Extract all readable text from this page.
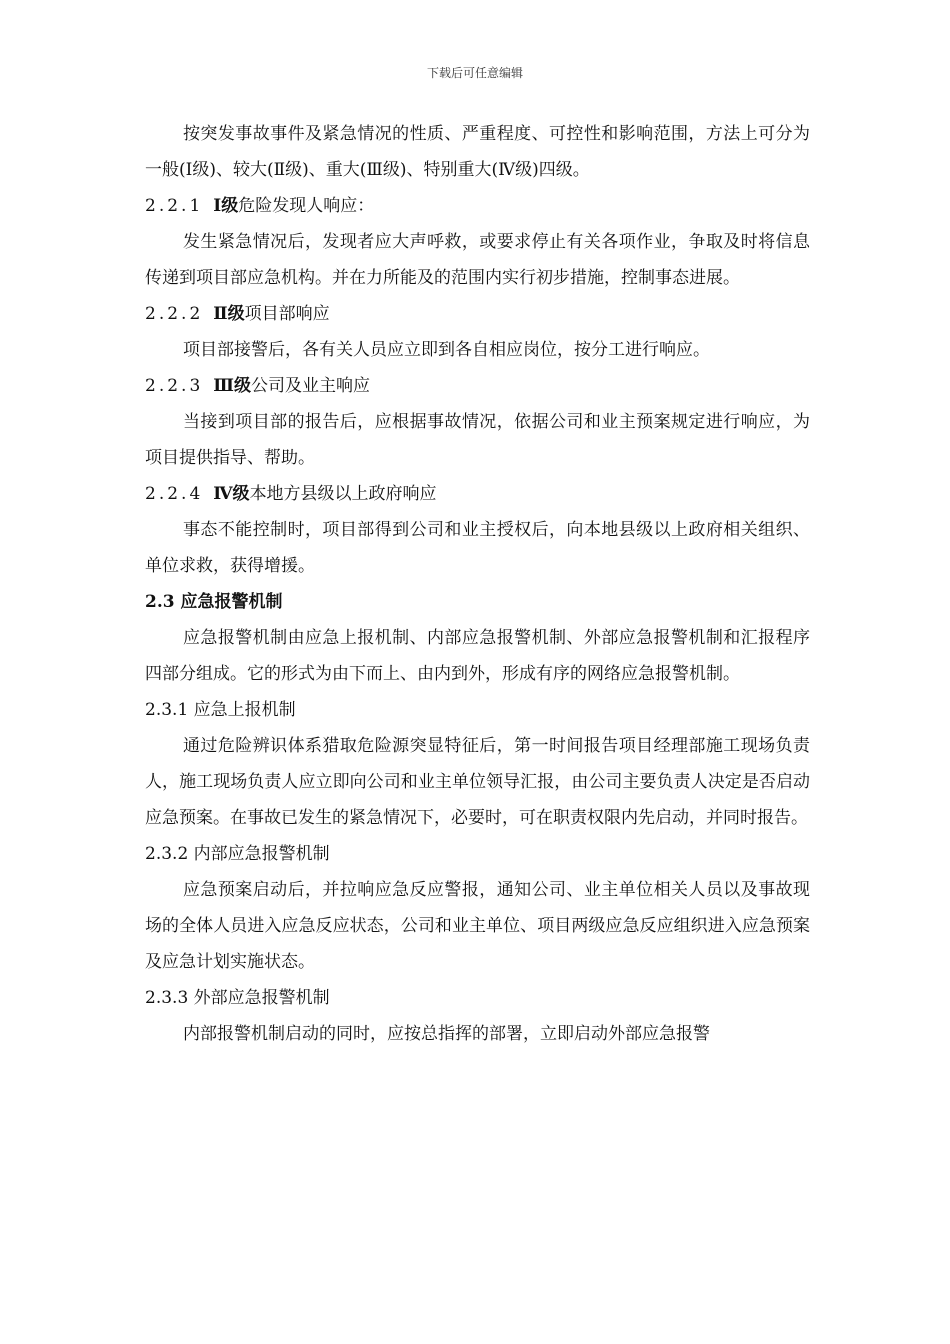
下载后可任意编辑

按突发事故事件及紧急情况的性质、严重程度、可控性和影响范围，方法上可分为 一般(Ⅰ级)、较大(Ⅱ级)、重大(Ⅲ级)、特别重大(Ⅳ级)四级。

2.2.1 Ⅰ级危险发现人响应：

发生紧急情况后，发现者应大声呼救，或要求停止有关各项作业，争取及时将信息传递到项目部应急机构。并在力所能及的范围内实行初步措施，控制事态进展。

2.2.2 Ⅱ级项目部响应

项目部接警后，各有关人员应立即到各自相应岗位，按分工进行响应。

2.2.3 Ⅲ级公司及业主响应

当接到项目部的报告后，应根据事故情况，依据公司和业主预案规定进行响应，为项目提供指导、帮助。

2.2.4 Ⅳ级本地方县级以上政府响应

事态不能控制时，项目部得到公司和业主授权后，向本地县级以上政府相关组织、单位求救，获得增援。

2.3 应急报警机制

应急报警机制由应急上报机制、内部应急报警机制、外部应急报警机制和汇报程序四部分组成。它的形式为由下而上、由内到外，形成有序的网络应急报警机制。

2.3.1 应急上报机制

通过危险辨识体系猎取危险源突显特征后，第一时间报告项目经理部施工现场负责人，施工现场负责人应立即向公司和业主单位领导汇报，由公司主要负责人决定是否启动应急预案。在事故已发生的紧急情况下，必要时，可在职责权限内先启动，并同时报告。

2.3.2 内部应急报警机制

应急预案启动后，并拉响应急反应警报，通知公司、业主单位相关人员以及事故现场的全体人员进入应急反应状态，公司和业主单位、项目两级应急反应组织进入应急预案及应急计划实施状态。

2.3.3 外部应急报警机制

内部报警机制启动的同时，应按总指挥的部署，立即启动外部应急报警
